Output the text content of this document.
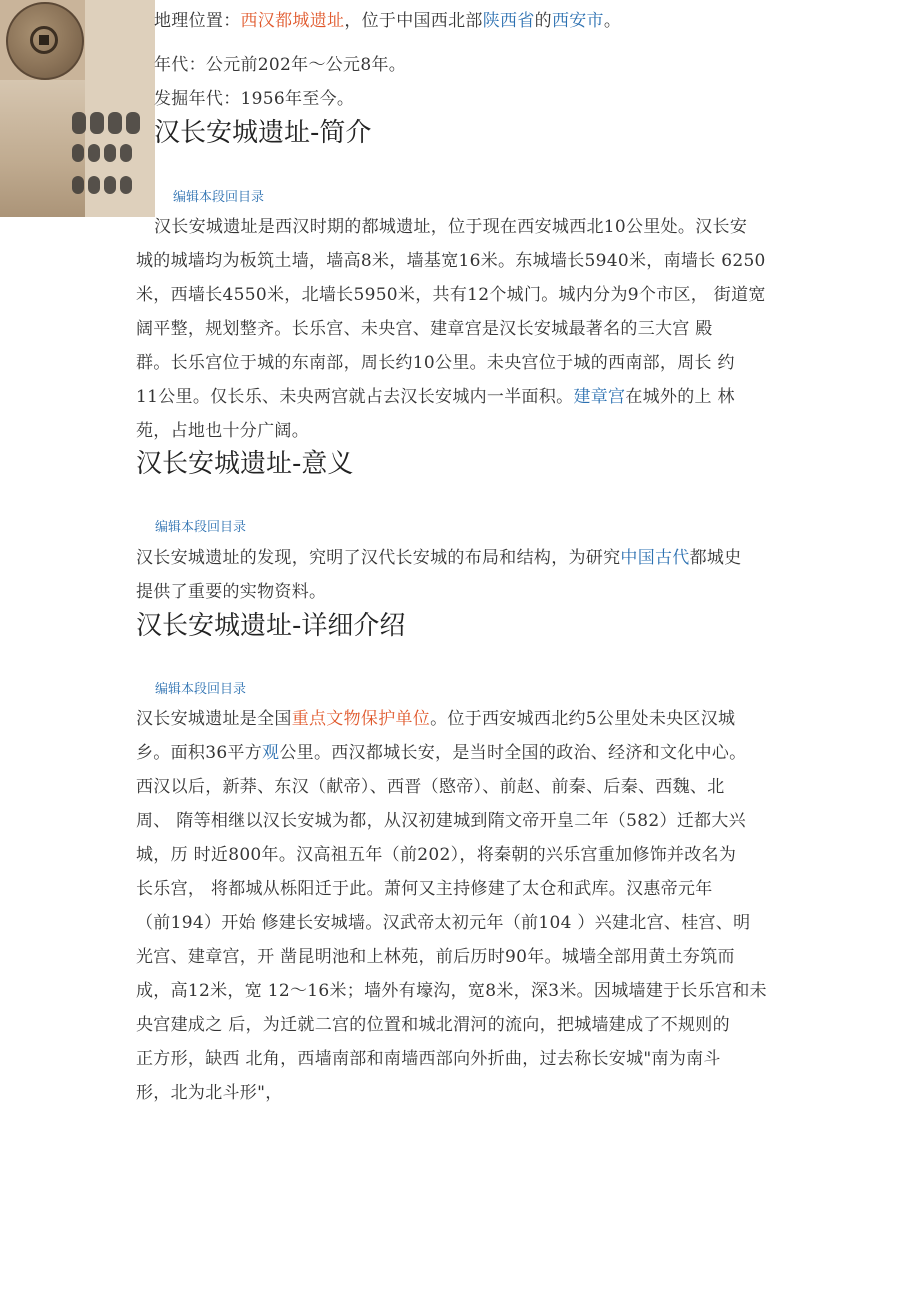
地理位置：西汉都城遗址，位于中国西北部陕西省的西安市。

年代：公元前202年～公元8年。

发掘年代：1956年至今。

汉长安城遗址-简介
编辑本段回目录

汉长安城遗址是西汉时期的都城遗址，位于现在西安城西北10公里处。汉长安

城的城墙均为板筑土墙，墙高8米，墙基宽16米。东城墙长5940米，南墙长 6250

米，西墙长4550米，北墙长5950米，共有12个城门。城内分为9个市区， 街道宽

阔平整，规划整齐。长乐宫、未央宫、建章宫是汉长安城最著名的三大宫 殿

群。长乐宫位于城的东南部，周长约10公里。未央宫位于城的西南部，周长 约

11公里。仅长乐、未央两宫就占去汉长安城内一半面积。建章宫在城外的上 林

苑，占地也十分广阔。

汉长安城遗址-意义
编辑本段回目录

汉长安城遗址的发现，究明了汉代长安城的布局和结构，为研究中国古代都城史

提供了重要的实物资料。

汉长安城遗址-详细介绍
编辑本段回目录

汉长安城遗址是全国重点文物保护单位。位于西安城西北约5公里处未央区汉城

乡。面积36平方观公里。西汉都城长安，是当时全国的政治、经济和文化中心。

西汉以后，新莽、东汉（献帝）、西晋（愍帝）、前赵、前秦、后秦、西魏、北

周、 隋等相继以汉长安城为都，从汉初建城到隋文帝开皇二年（582）迁都大兴

城，历 时近800年。汉高祖五年（前202），将秦朝的兴乐宫重加修饰并改名为

长乐宫， 将都城从栎阳迁于此。萧何又主持修建了太仓和武库。汉惠帝元年

（前194）开始 修建长安城墙。汉武帝太初元年（前104 ）兴建北宫、桂宫、明

光宫、建章宫，开 凿昆明池和上林苑，前后历时90年。城墙全部用黄土夯筑而

成，高12米，宽 12～16米；墙外有壕沟，宽8米，深3米。因城墙建于长乐宫和未

央宫建成之 后，为迁就二宫的位置和城北渭河的流向，把城墙建成了不规则的

正方形，缺西 北角，西墙南部和南墙西部向外折曲，过去称长安城"南为南斗

形，北为北斗形"，
